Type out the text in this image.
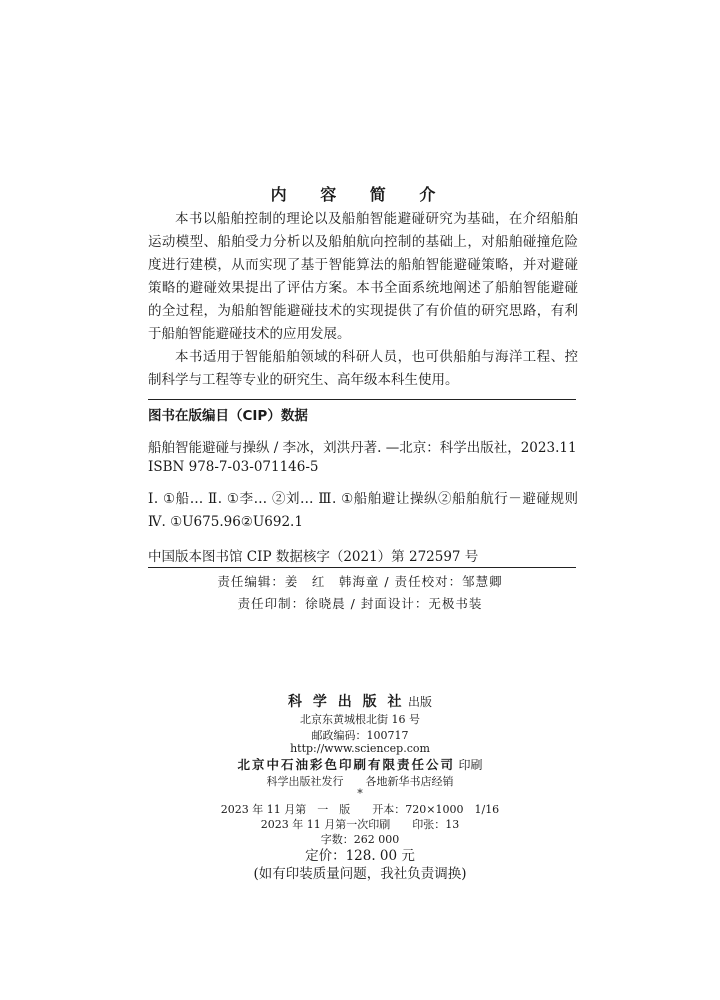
内 容 简 介

本书以船舶控制的理论以及船舶智能避碰研究为基础，在介绍船舶运动模型、船舶受力分析以及船舶航向控制的基础上，对船舶碰撞危险度进行建模，从而实现了基于智能算法的船舶智能避碰策略，并对避碰策略的避碰效果提出了评估方案。本书全面系统地阐述了船舶智能避碰的全过程，为船舶智能避碰技术的实现提供了有价值的研究思路，有利于船舶智能避碰技术的应用发展。

本书适用于智能船舶领域的科研人员，也可供船舶与海洋工程、控制科学与工程等专业的研究生、高年级本科生使用。

图书在版编目（CIP）数据
船舶智能避碰与操纵 / 李冰，刘洪丹著. —北京：科学出版社，2023.11
ISBN 978-7-03-071146-5
Ⅰ. ①船… Ⅱ. ①李… ②刘… Ⅲ. ①船舶避让操纵②船舶航行－避碰规则 Ⅳ. ①U675.96②U692.1
中国版本图书馆 CIP 数据核字（2021）第 272597 号
责任编辑：姜　红　韩海童 / 责任校对：邹慧卿
责任印制：徐晓晨 / 封面设计：无极书装
科 学 出 版 社 出版
北京东黄城根北街 16 号
邮政编码：100717
http://www.sciencep.com
北京中石油彩色印刷有限责任公司 印刷
科学出版社发行　　各地新华书店经销
*
2023 年 11 月第　一　版　　开本：720×1000　1/16
2023 年 11 月第一次印刷　　印张：13
字数：262 000
定价：128. 00 元
(如有印装质量问题，我社负责调换)
